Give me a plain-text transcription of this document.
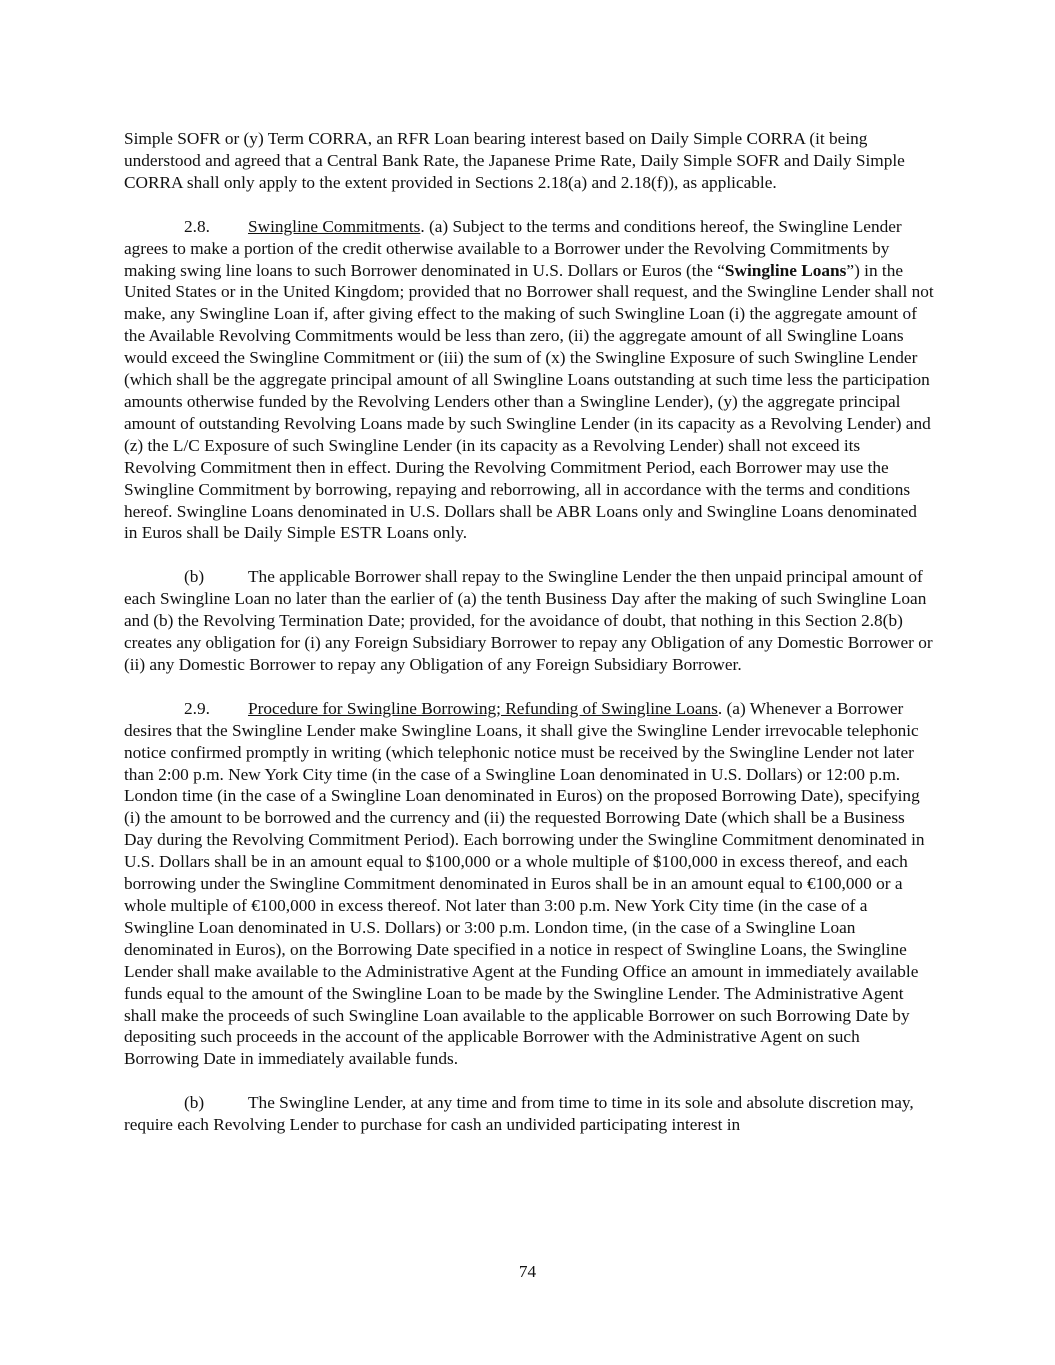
Simple SOFR or (y) Term CORRA, an RFR Loan bearing interest based on Daily Simple CORRA (it being understood and agreed that a Central Bank Rate, the Japanese Prime Rate, Daily Simple SOFR and Daily Simple CORRA shall only apply to the extent provided in Sections 2.18(a) and 2.18(f)), as applicable.

2.8. Swingline Commitments. (a) Subject to the terms and conditions hereof, the Swingline Lender agrees to make a portion of the credit otherwise available to a Borrower under the Revolving Commitments by making swing line loans to such Borrower denominated in U.S. Dollars or Euros (the “Swingline Loans”) in the United States or in the United Kingdom; provided that no Borrower shall request, and the Swingline Lender shall not make, any Swingline Loan if, after giving effect to the making of such Swingline Loan (i) the aggregate amount of the Available Revolving Commitments would be less than zero, (ii) the aggregate amount of all Swingline Loans would exceed the Swingline Commitment or (iii) the sum of (x) the Swingline Exposure of such Swingline Lender (which shall be the aggregate principal amount of all Swingline Loans outstanding at such time less the participation amounts otherwise funded by the Revolving Lenders other than a Swingline Lender), (y) the aggregate principal amount of outstanding Revolving Loans made by such Swingline Lender (in its capacity as a Revolving Lender) and (z) the L/C Exposure of such Swingline Lender (in its capacity as a Revolving Lender) shall not exceed its Revolving Commitment then in effect. During the Revolving Commitment Period, each Borrower may use the Swingline Commitment by borrowing, repaying and reborrowing, all in accordance with the terms and conditions hereof. Swingline Loans denominated in U.S. Dollars shall be ABR Loans only and Swingline Loans denominated in Euros shall be Daily Simple ESTR Loans only.

(b)	The applicable Borrower shall repay to the Swingline Lender the then unpaid principal amount of each Swingline Loan no later than the earlier of (a) the tenth Business Day after the making of such Swingline Loan and (b) the Revolving Termination Date; provided, for the avoidance of doubt, that nothing in this Section 2.8(b) creates any obligation for (i) any Foreign Subsidiary Borrower to repay any Obligation of any Domestic Borrower or (ii) any Domestic Borrower to repay any Obligation of any Foreign Subsidiary Borrower.

2.9. Procedure for Swingline Borrowing; Refunding of Swingline Loans. (a) Whenever a Borrower desires that the Swingline Lender make Swingline Loans, it shall give the Swingline Lender irrevocable telephonic notice confirmed promptly in writing (which telephonic notice must be received by the Swingline Lender not later than 2:00 p.m. New York City time (in the case of a Swingline Loan denominated in U.S. Dollars) or 12:00 p.m. London time (in the case of a Swingline Loan denominated in Euros) on the proposed Borrowing Date), specifying (i) the amount to be borrowed and the currency and (ii) the requested Borrowing Date (which shall be a Business Day during the Revolving Commitment Period). Each borrowing under the Swingline Commitment denominated in U.S. Dollars shall be in an amount equal to $100,000 or a whole multiple of $100,000 in excess thereof, and each borrowing under the Swingline Commitment denominated in Euros shall be in an amount equal to €100,000 or a whole multiple of €100,000 in excess thereof. Not later than 3:00 p.m. New York City time (in the case of a Swingline Loan denominated in U.S. Dollars) or 3:00 p.m. London time, (in the case of a Swingline Loan denominated in Euros), on the Borrowing Date specified in a notice in respect of Swingline Loans, the Swingline Lender shall make available to the Administrative Agent at the Funding Office an amount in immediately available funds equal to the amount of the Swingline Loan to be made by the Swingline Lender. The Administrative Agent shall make the proceeds of such Swingline Loan available to the applicable Borrower on such Borrowing Date by depositing such proceeds in the account of the applicable Borrower with the Administrative Agent on such Borrowing Date in immediately available funds.

(b)	The Swingline Lender, at any time and from time to time in its sole and absolute discretion may, require each Revolving Lender to purchase for cash an undivided participating interest in

74
